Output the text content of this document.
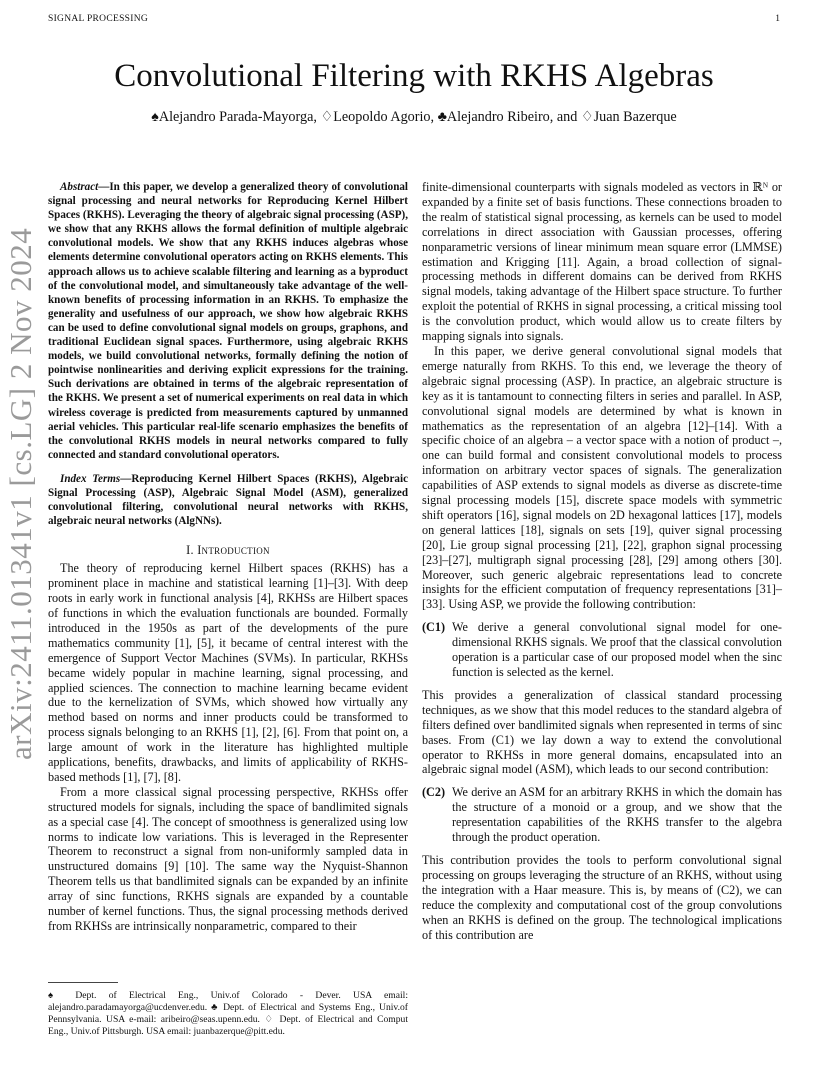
SIGNAL PROCESSING	1
arXiv:2411.01341v1 [cs.LG] 2 Nov 2024
Convolutional Filtering with RKHS Algebras
♠Alejandro Parada-Mayorga, ♢Leopoldo Agorio, ♣Alejandro Ribeiro, and ♢Juan Bazerque

Abstract—In this paper, we develop a generalized theory of convolutional signal processing and neural networks for Reproducing Kernel Hilbert Spaces (RKHS). Leveraging the theory of algebraic signal processing (ASP), we show that any RKHS allows the formal definition of multiple algebraic convolutional models. We show that any RKHS induces algebras whose elements determine convolutional operators acting on RKHS elements. This approach allows us to achieve scalable filtering and learning as a byproduct of the convolutional model, and simultaneously take advantage of the well-known benefits of processing information in an RKHS. To emphasize the generality and usefulness of our approach, we show how algebraic RKHS can be used to define convolutional signal models on groups, graphons, and traditional Euclidean signal spaces. Furthermore, using algebraic RKHS models, we build convolutional networks, formally defining the notion of pointwise nonlinearities and deriving explicit expressions for the training. Such derivations are obtained in terms of the algebraic representation of the RKHS. We present a set of numerical experiments on real data in which wireless coverage is predicted from measurements captured by unmanned aerial vehicles. This particular real-life scenario emphasizes the benefits of the convolutional RKHS models in neural networks compared to fully connected and standard convolutional operators.

Index Terms—Reproducing Kernel Hilbert Spaces (RKHS), Algebraic Signal Processing (ASP), Algebraic Signal Model (ASM), generalized convolutional filtering, convolutional neural networks with RKHS, algebraic neural networks (AlgNNs).

I. Introduction

The theory of reproducing kernel Hilbert spaces (RKHS) has a prominent place in machine and statistical learning [1]–[3]. With deep roots in early work in functional analysis [4], RKHSs are Hilbert spaces of functions in which the evaluation functionals are bounded. Formally introduced in the 1950s as part of the developments of the pure mathematics community [1], [5], it became of central interest with the emergence of Support Vector Machines (SVMs). In particular, RKHSs became widely popular in machine learning, signal processing, and applied sciences. The connection to machine learning became evident due to the kernelization of SVMs, which showed how virtually any method based on norms and inner products could be transformed to process signals belonging to an RKHS [1], [2], [6]. From that point on, a large amount of work in the literature has highlighted multiple applications, benefits, drawbacks, and limits of applicability of RKHS-based methods [1], [7], [8].

From a more classical signal processing perspective, RKHSs offer structured models for signals, including the space of bandlimited signals as a special case [4]. The concept of smoothness is generalized using low norms to indicate low variations. This is leveraged in the Representer Theorem to reconstruct a signal from non-uniformly sampled data in unstructured domains [9] [10]. The same way the Nyquist-Shannon Theorem tells us that bandlimited signals can be expanded by an infinite array of sinc functions, RKHS signals are expanded by a countable number of kernel functions. Thus, the signal processing methods derived from RKHSs are intrinsically nonparametric, compared to their

finite-dimensional counterparts with signals modeled as vectors in ℝᴺ or expanded by a finite set of basis functions. These connections broaden to the realm of statistical signal processing, as kernels can be used to model correlations in direct association with Gaussian processes, offering nonparametric versions of linear minimum mean square error (LMMSE) estimation and Krigging [11]. Again, a broad collection of signal-processing methods in different domains can be derived from RKHS signal models, taking advantage of the Hilbert space structure. To further exploit the potential of RKHS in signal processing, a critical missing tool is the convolution product, which would allow us to create filters by mapping signals into signals.

In this paper, we derive general convolutional signal models that emerge naturally from RKHS. To this end, we leverage the theory of algebraic signal processing (ASP). In practice, an algebraic structure is key as it is tantamount to connecting filters in series and parallel. In ASP, convolutional signal models are determined by what is known in mathematics as the representation of an algebra [12]–[14]. With a specific choice of an algebra – a vector space with a notion of product –, one can build formal and consistent convolutional models to process information on arbitrary vector spaces of signals. The generalization capabilities of ASP extends to signal models as diverse as discrete-time signal processing models [15], discrete space models with symmetric shift operators [16], signal models on 2D hexagonal lattices [17], models on general lattices [18], signals on sets [19], quiver signal processing [20], Lie group signal processing [21], [22], graphon signal processing [23]–[27], multigraph signal processing [28], [29] among others [30]. Moreover, such generic algebraic representations lead to concrete insights for the efficient computation of frequency representations [31]–[33]. Using ASP, we provide the following contribution:

(C1) We derive a general convolutional signal model for one-dimensional RKHS signals. We proof that the classical convolution operation is a particular case of our proposed model when the sinc function is selected as the kernel.

This provides a generalization of classical standard processing techniques, as we show that this model reduces to the standard algebra of filters defined over bandlimited signals when represented in terms of sinc bases. From (C1) we lay down a way to extend the convolutional operator to RKHSs in more general domains, encapsulated into an algebraic signal model (ASM), which leads to our second contribution:

(C2) We derive an ASM for an arbitrary RKHS in which the domain has the structure of a monoid or a group, and we show that the representation capabilities of the RKHS transfer to the algebra through the product operation.

This contribution provides the tools to perform convolutional signal processing on groups leveraging the structure of an RKHS, without using the integration with a Haar measure. This is, by means of (C2), we can reduce the complexity and computational cost of the group convolutions when an RKHS is defined on the group. The technological implications of this contribution are

♠ Dept. of Electrical Eng., Univ.of Colorado - Dever. USA email: alejandro.paradamayorga@ucdenver.edu. ♣ Dept. of Electrical and Systems Eng., Univ.of Pennsylvania. USA e-mail: aribeiro@seas.upenn.edu. ♢ Dept. of Electrical and Comput Eng., Univ.of Pittsburgh. USA email: juanbazerque@pitt.edu.
